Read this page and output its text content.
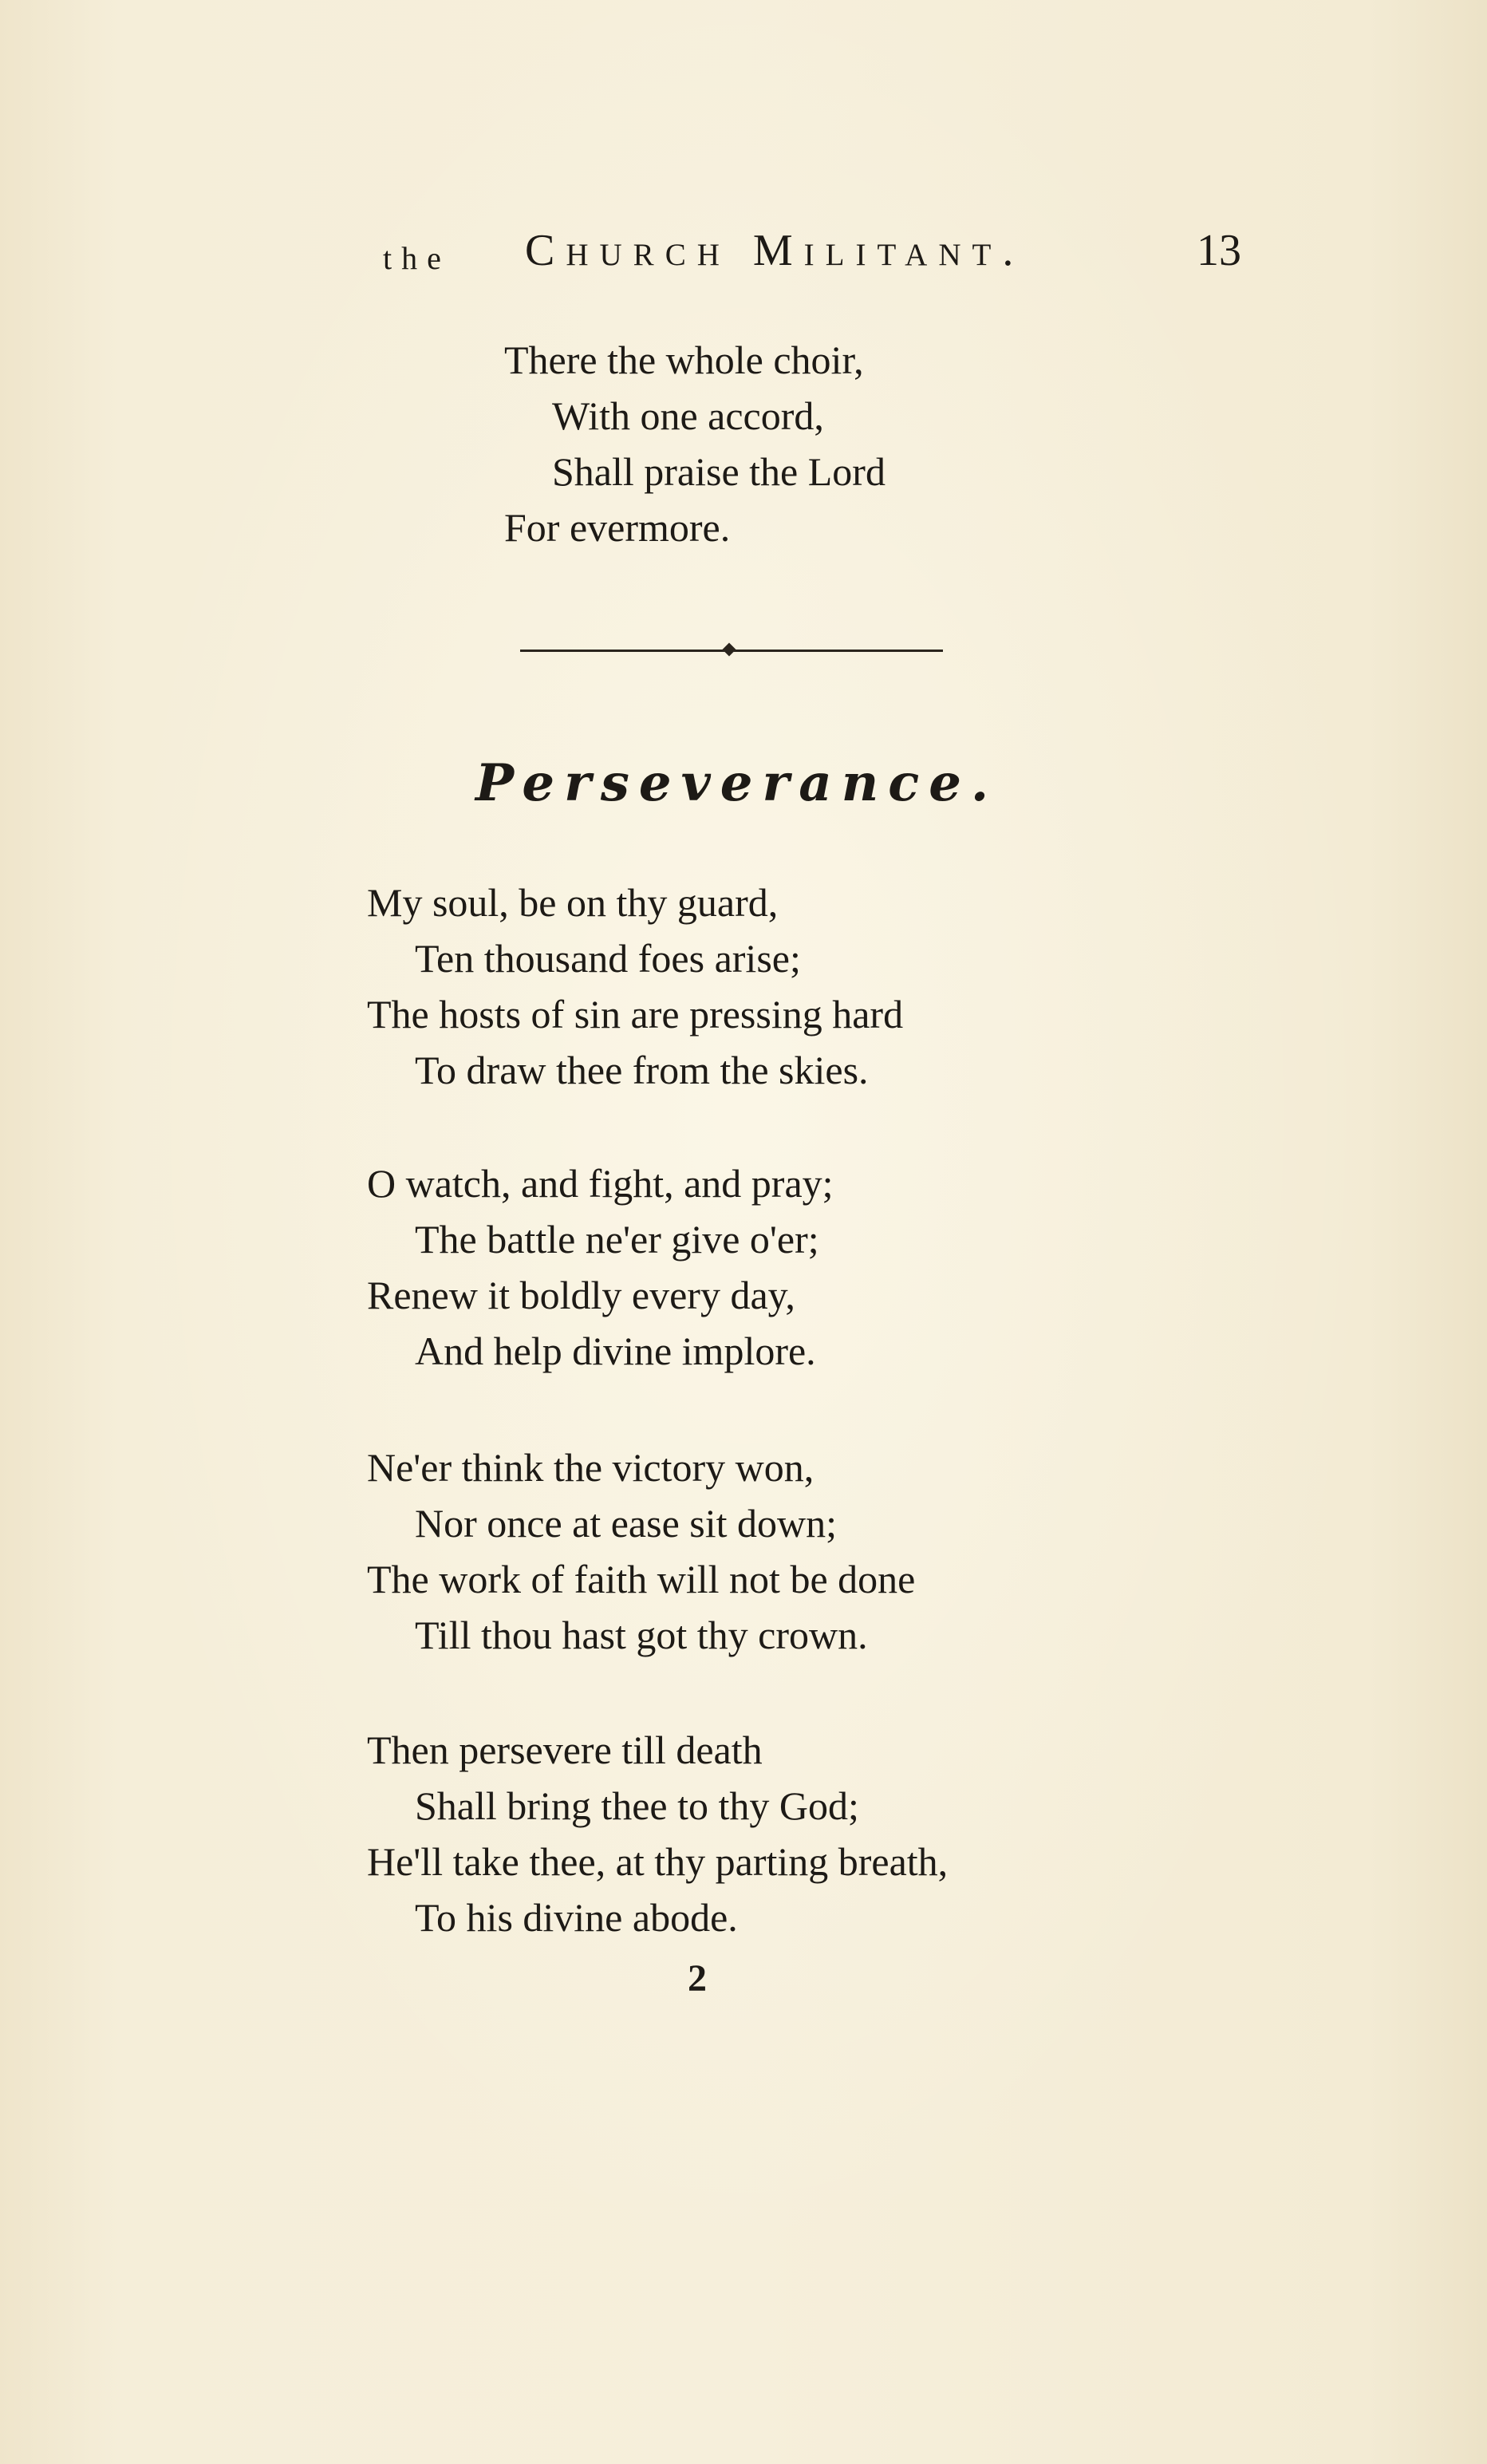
the Church Militant.	13
There the whole choir,
With one accord,
Shall praise the Lord
For evermore.
Perseverance.
My soul, be on thy guard,
Ten thousand foes arise;
The hosts of sin are pressing hard
To draw thee from the skies.
O watch, and fight, and pray;
The battle ne'er give o'er;
Renew it boldly every day,
And help divine implore.
Ne'er think the victory won,
Nor once at ease sit down;
The work of faith will not be done
Till thou hast got thy crown.
Then persevere till death
Shall bring thee to thy God;
He'll take thee, at thy parting breath,
To his divine abode.
2
